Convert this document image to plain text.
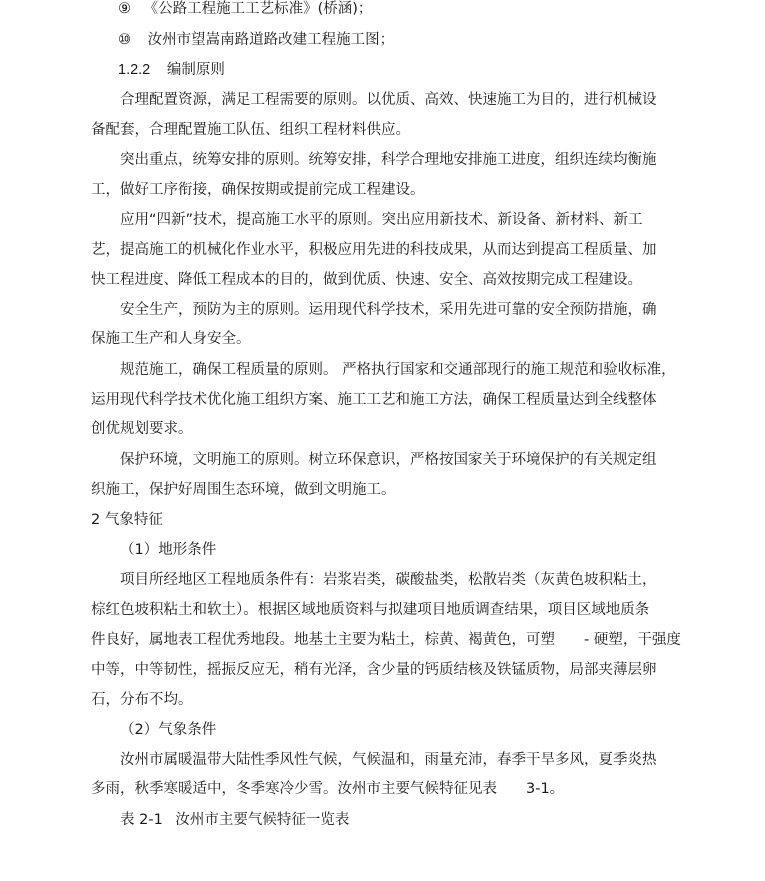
⑨ 《公路工程施工工艺标准》(桥涵)；
⑩ 汝州市望嵩南路道路改建工程施工图；
1.2.2 编制原则
合理配置资源，满足工程需要的原则。以优质、高效、快速施工为目的，进行机械设
备配套，合理配置施工队伍、组织工程材料供应。
突出重点，统筹安排的原则。统筹安排，科学合理地安排施工进度，组织连续均衡施
工，做好工序衔接，确保按期或提前完成工程建设。
应用“四新”技术，提高施工水平的原则。突出应用新技术、新设备、新材料、新工
艺，提高施工的机械化作业水平，积极应用先进的科技成果，从而达到提高工程质量、加
快工程进度、降低工程成本的目的，做到优质、快速、安全、高效按期完成工程建设。
安全生产，预防为主的原则。运用现代科学技术，采用先进可靠的安全预防措施，确
保施工生产和人身安全。
规范施工，确保工程质量的原则。 严格执行国家和交通部现行的施工规范和验收标准，
运用现代科学技术优化施工组织方案、施工工艺和施工方法，确保工程质量达到全线整体
创优规划要求。
保护环境，文明施工的原则。树立环保意识，严格按国家关于环境保护的有关规定组
织施工，保护好周围生态环境，做到文明施工。
2 气象特征
（1）地形条件
项目所经地区工程地质条件有：岩浆岩类，碳酸盐类，松散岩类（灰黄色坡积粘土，
棕红色坡积粘土和软土）。根据区域地质资料与拟建项目地质调查结果，项目区域地质条
件良好，属地表工程优秀地段。地基土主要为粘土，棕黄、褐黄色，可塑　　- 硬塑，干强度
中等，中等韧性，摇振反应无，稍有光泽，含少量的钙质结核及铁锰质物，局部夹薄层卵
石，分布不均。
（2）气象条件
汝州市属暖温带大陆性季风性气候，气候温和，雨量充沛，春季干旱多风，夏季炎热
多雨，秋季寒暖适中，冬季寒冷少雪。汝州市主要气候特征见表　　3-1。
表 2-1 汝州市主要气候特征一览表
